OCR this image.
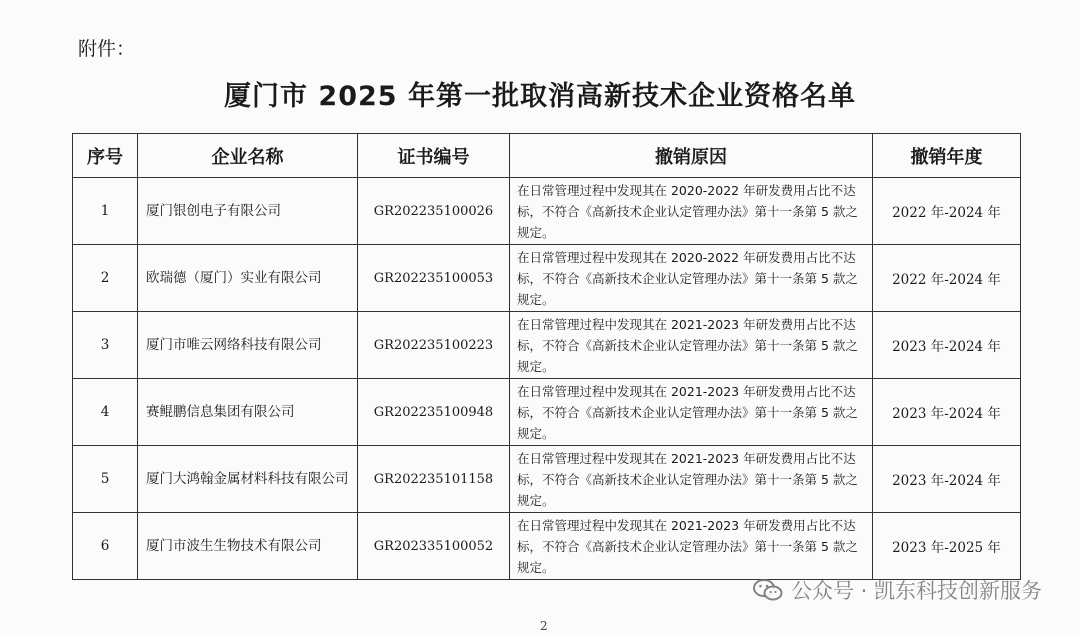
附件：
厦门市 2025 年第一批取消高新技术企业资格名单
序号	企业名称	证书编号	撤销原因	撤销年度
1	厦门银创电子有限公司	GR202235100026	在日常管理过程中发现其在 2020-2022 年研发费用占比不达标，不符合《高新技术企业认定管理办法》第十一条第 5 款之规定。	2022 年-2024 年
2	欧瑞德（厦门）实业有限公司	GR202235100053	在日常管理过程中发现其在 2020-2022 年研发费用占比不达标，不符合《高新技术企业认定管理办法》第十一条第 5 款之规定。	2022 年-2024 年
3	厦门市唯云网络科技有限公司	GR202235100223	在日常管理过程中发现其在 2021-2023 年研发费用占比不达标，不符合《高新技术企业认定管理办法》第十一条第 5 款之规定。	2023 年-2024 年
4	赛鲲鹏信息集团有限公司	GR202235100948	在日常管理过程中发现其在 2021-2023 年研发费用占比不达标，不符合《高新技术企业认定管理办法》第十一条第 5 款之规定。	2023 年-2024 年
5	厦门大鸿翰金属材料科技有限公司	GR202235101158	在日常管理过程中发现其在 2021-2023 年研发费用占比不达标，不符合《高新技术企业认定管理办法》第十一条第 5 款之规定。	2023 年-2024 年
6	厦门市波生生物技术有限公司	GR202335100052	在日常管理过程中发现其在 2021-2023 年研发费用占比不达标，不符合《高新技术企业认定管理办法》第十一条第 5 款之规定。	2023 年-2025 年
公众号 · 凯东科技创新服务
2
